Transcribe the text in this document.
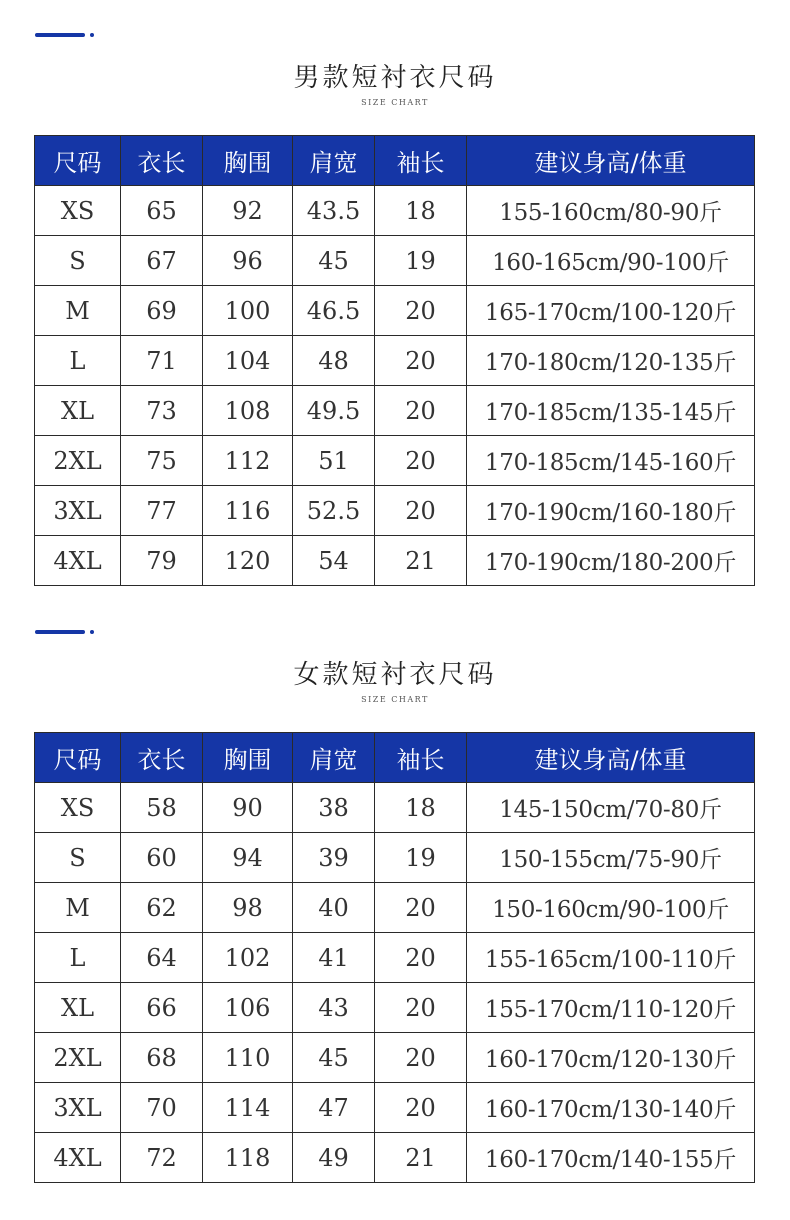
男款短衬衣尺码
SIZE CHART
尺码	衣长	胸围	肩宽	袖长	建议身高/体重
XS	65	92	43.5	18	155-160cm/80-90斤
S	67	96	45	19	160-165cm/90-100斤
M	69	100	46.5	20	165-170cm/100-120斤
L	71	104	48	20	170-180cm/120-135斤
XL	73	108	49.5	20	170-185cm/135-145斤
2XL	75	112	51	20	170-185cm/145-160斤
3XL	77	116	52.5	20	170-190cm/160-180斤
4XL	79	120	54	21	170-190cm/180-200斤
女款短衬衣尺码
SIZE CHART
尺码	衣长	胸围	肩宽	袖长	建议身高/体重
XS	58	90	38	18	145-150cm/70-80斤
S	60	94	39	19	150-155cm/75-90斤
M	62	98	40	20	150-160cm/90-100斤
L	64	102	41	20	155-165cm/100-110斤
XL	66	106	43	20	155-170cm/110-120斤
2XL	68	110	45	20	160-170cm/120-130斤
3XL	70	114	47	20	160-170cm/130-140斤
4XL	72	118	49	21	160-170cm/140-155斤
